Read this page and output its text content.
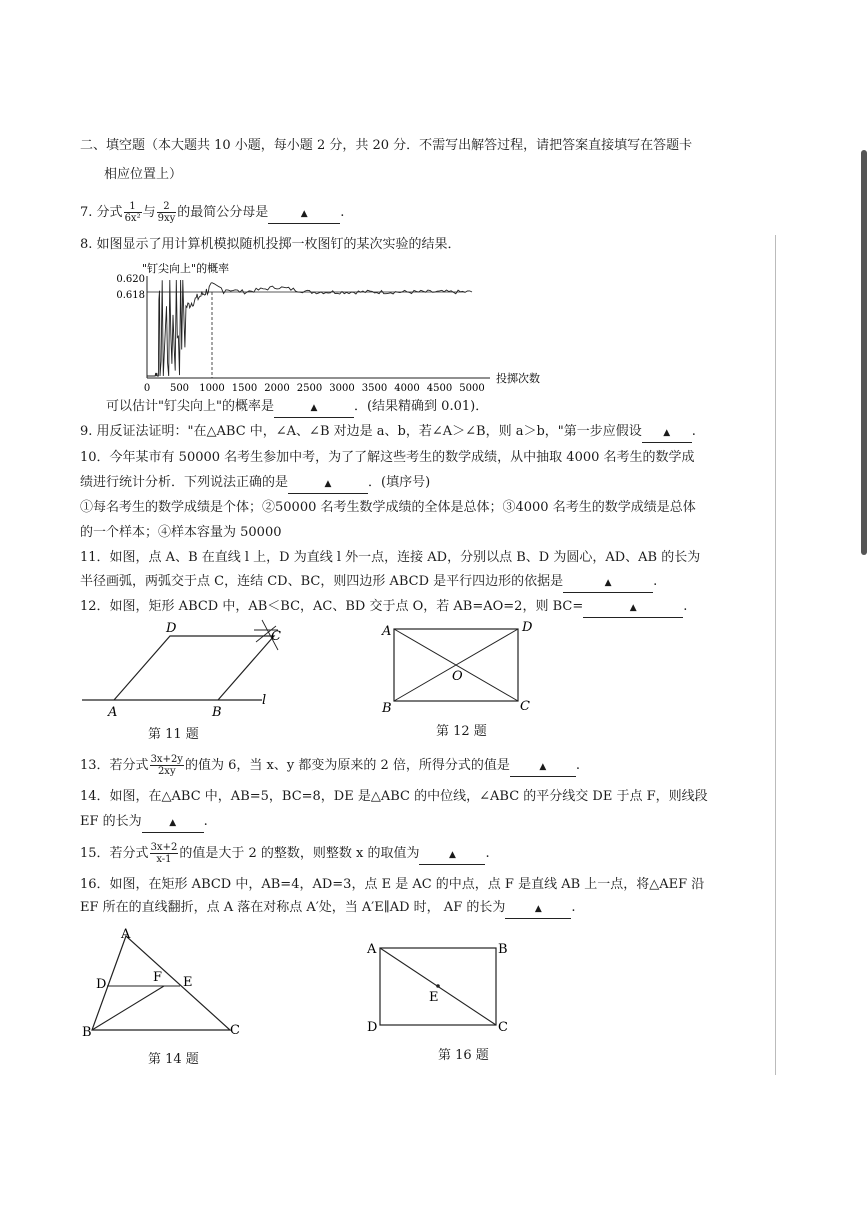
二、填空题（本大题共 10 小题，每小题 2 分，共 20 分．不需写出解答过程，请把答案直接填写在答题卡
相应位置上）
7. 分式 $\frac{1}{\text{6x²}}$ 与 $\frac{2}{9xy}$ 的最简公分母是	▲	.
8. 如图显示了用计算机模拟随机投掷一枚图钉的某次实验的结果．
"钉尖向上"的概率
0 500 1000 1500 2000 2500 3000 3500 4000 4500 5000
0.620
0.618
投掷次数
可以估计"钉尖向上"的概率是	▲	．(结果精确到 0.01)．
9. 用反证法证明："在△ABC 中，∠A、∠B 对边是 a、b，若∠A＞∠B，则 a＞b，"第一步应假设 ▲ .
10．今年某市有 50000 名考生参加中考，为了了解这些考生的数学成绩，从中抽取 4000 名考生的数学成
绩进行统计分析．下列说法正确的是	▲	．(填序号)
①每名考生的数学成绩是个体；②50000 名考生数学成绩的全体是总体；③4000 名考生的数学成绩是总体
的一个样本；④样本容量为 50000
11．如图，点 A、B 在直线 l 上，D 为直线 l 外一点，连接 AD，分别以点 B、D 为圆心，AD、AB 的长为
半径画弧，两弧交于点 C，连结 CD、BC，则四边形 ABCD 是平行四边形的依据是	▲	.
12．如图，矩形 ABCD 中，AB＜BC，AC、BD 交于点 O，若 AB=AO=2，则 BC=	▲	.
D
C
A	B
l
第 11 题
A	D
O
B	C
第 12 题
13．若分式 $\frac{3x+2y}{2xy}$ 的值为 6，当 x、y 都变为原来的 2 倍，所得分式的值是	▲ .
14．如图，在△ABC 中，AB=5，BC=8，DE 是△ABC 的中位线，∠ABC 的平分线交 DE 于点 F，则线段
EF 的长为	▲ .
15．若分式 $\frac{3x+2}{x-1}$ 的值是大于 2 的整数，则整数 x 的取值为	▲ .
16．如图，在矩形 ABCD 中，AB=4，AD=3，点 E 是 AC 的中点，点 F 是直线 AB 上一点，将△AEF 沿
EF 所在的直线翻折，点 A 落在对称点 A′处，当 A′E∥AD 时， AF 的长为	▲ .
A
D	F E
B	C
第 14 题
A	B
E
D	C
第 16 题
